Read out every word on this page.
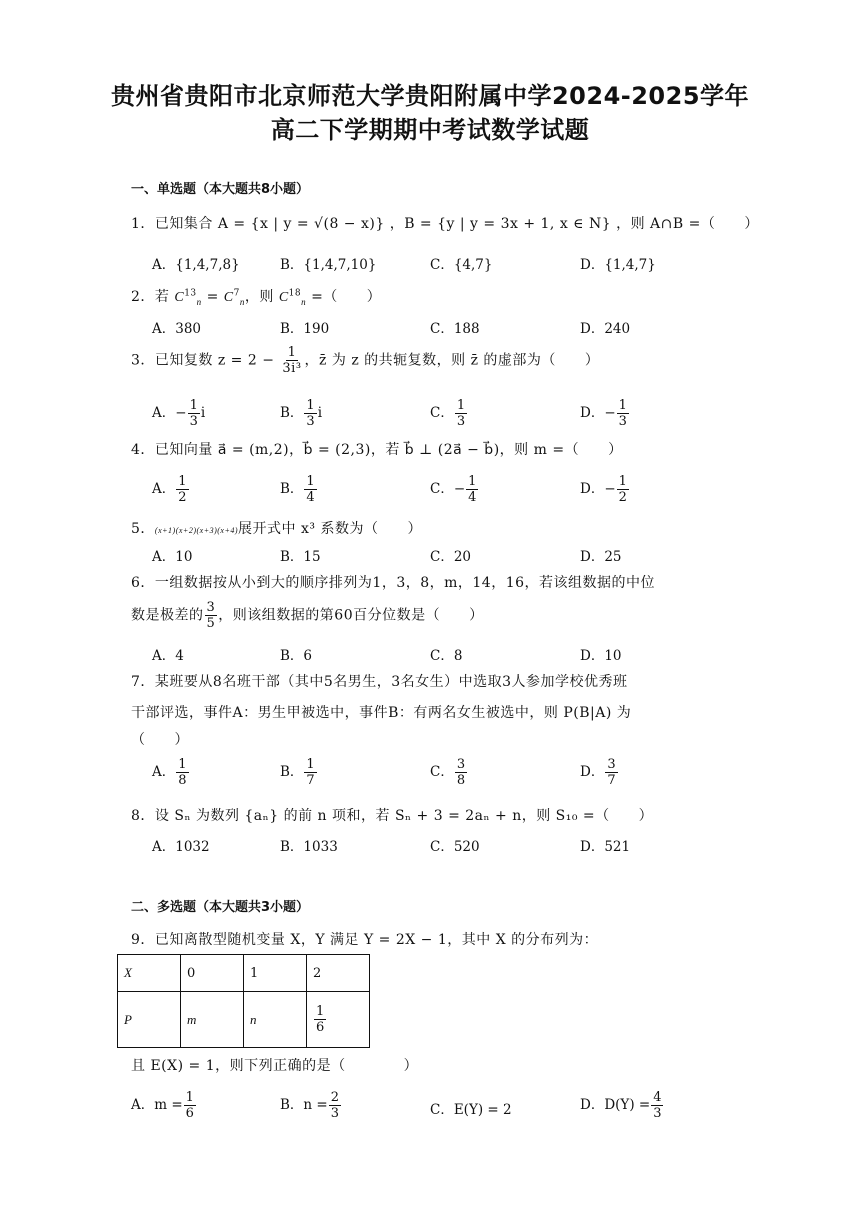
贵州省贵阳市北京师范大学贵阳附属中学2024-2025学年
高二下学期期中考试数学试题
一、单选题（本大题共8小题）
1．已知集合 A = {x | y = √(8 − x)} ，B = {y | y = 3x + 1, x ∈ N} ，则 A∩B =（　　）
A．{1,4,7,8}	B．{1,4,7,10}	C．{4,7}	D．{1,4,7}
2．若 $C^{13}_n = C^7_n$，则 $C^{18}_n$ =（　　）
A．380	B．190	C．188	D．240
3．已知复数 $z = 2 - \frac{1}{\text{3i³}}$ ，z̄ 为 z 的共轭复数，则 z̄ 的虚部为（　　）
A．− $\frac{1}{3}$ i	B． $\frac{1}{3}$ i	C． $\frac{1}{3}$	D．− $\frac{1}{3}$
4．已知向量 a⃗ = (m,2)，b⃗ = (2,3)，若 b⃗ ⊥ (2a⃗ − b⃗)，则 m =（　　）
A． $\frac{1}{2}$	B． $\frac{1}{4}$	C．− $\frac{1}{4}$	D．− $\frac{1}{2}$
5．(x+1)(x+2)(x+3)(x+4)展开式中 x³ 系数为（　　）
A．10	B．15	C．20	D．25
6．一组数据按从小到大的顺序排列为1，3，8，m，14，16，若该组数据的中位
数是极差的 $\frac{3}{5}$ ，则该组数据的第60百分位数是（　　）
A．4	B．6	C．8	D．10
7．某班要从8名班干部（其中5名男生，3名女生）中选取3人参加学校优秀班
干部评选，事件A：男生甲被选中，事件B：有两名女生被选中，则 P(B|A) 为
（　　）
A． $\frac{1}{8}$	B． $\frac{1}{7}$	C． $\frac{3}{8}$	D． $\frac{3}{7}$
8．设 Sₙ 为数列 {aₙ} 的前 n 项和，若 Sₙ + 3 = 2aₙ + n，则 S₁₀ =（　　）
A．1032	B．1033	C．520	D．521
二、多选题（本大题共3小题）
9．已知离散型随机变量 X，Y 满足 Y = 2X − 1，其中 X 的分布列为：
X	0	1	2
P	m	n	$\frac{1}{6}$
且 E(X) = 1，则下列正确的是（　　　　）
A．$m = \frac{1}{6}$	B．$n = \frac{2}{3}$	C．E(Y) = 2	D．$D(Y) = \frac{4}{3}$
